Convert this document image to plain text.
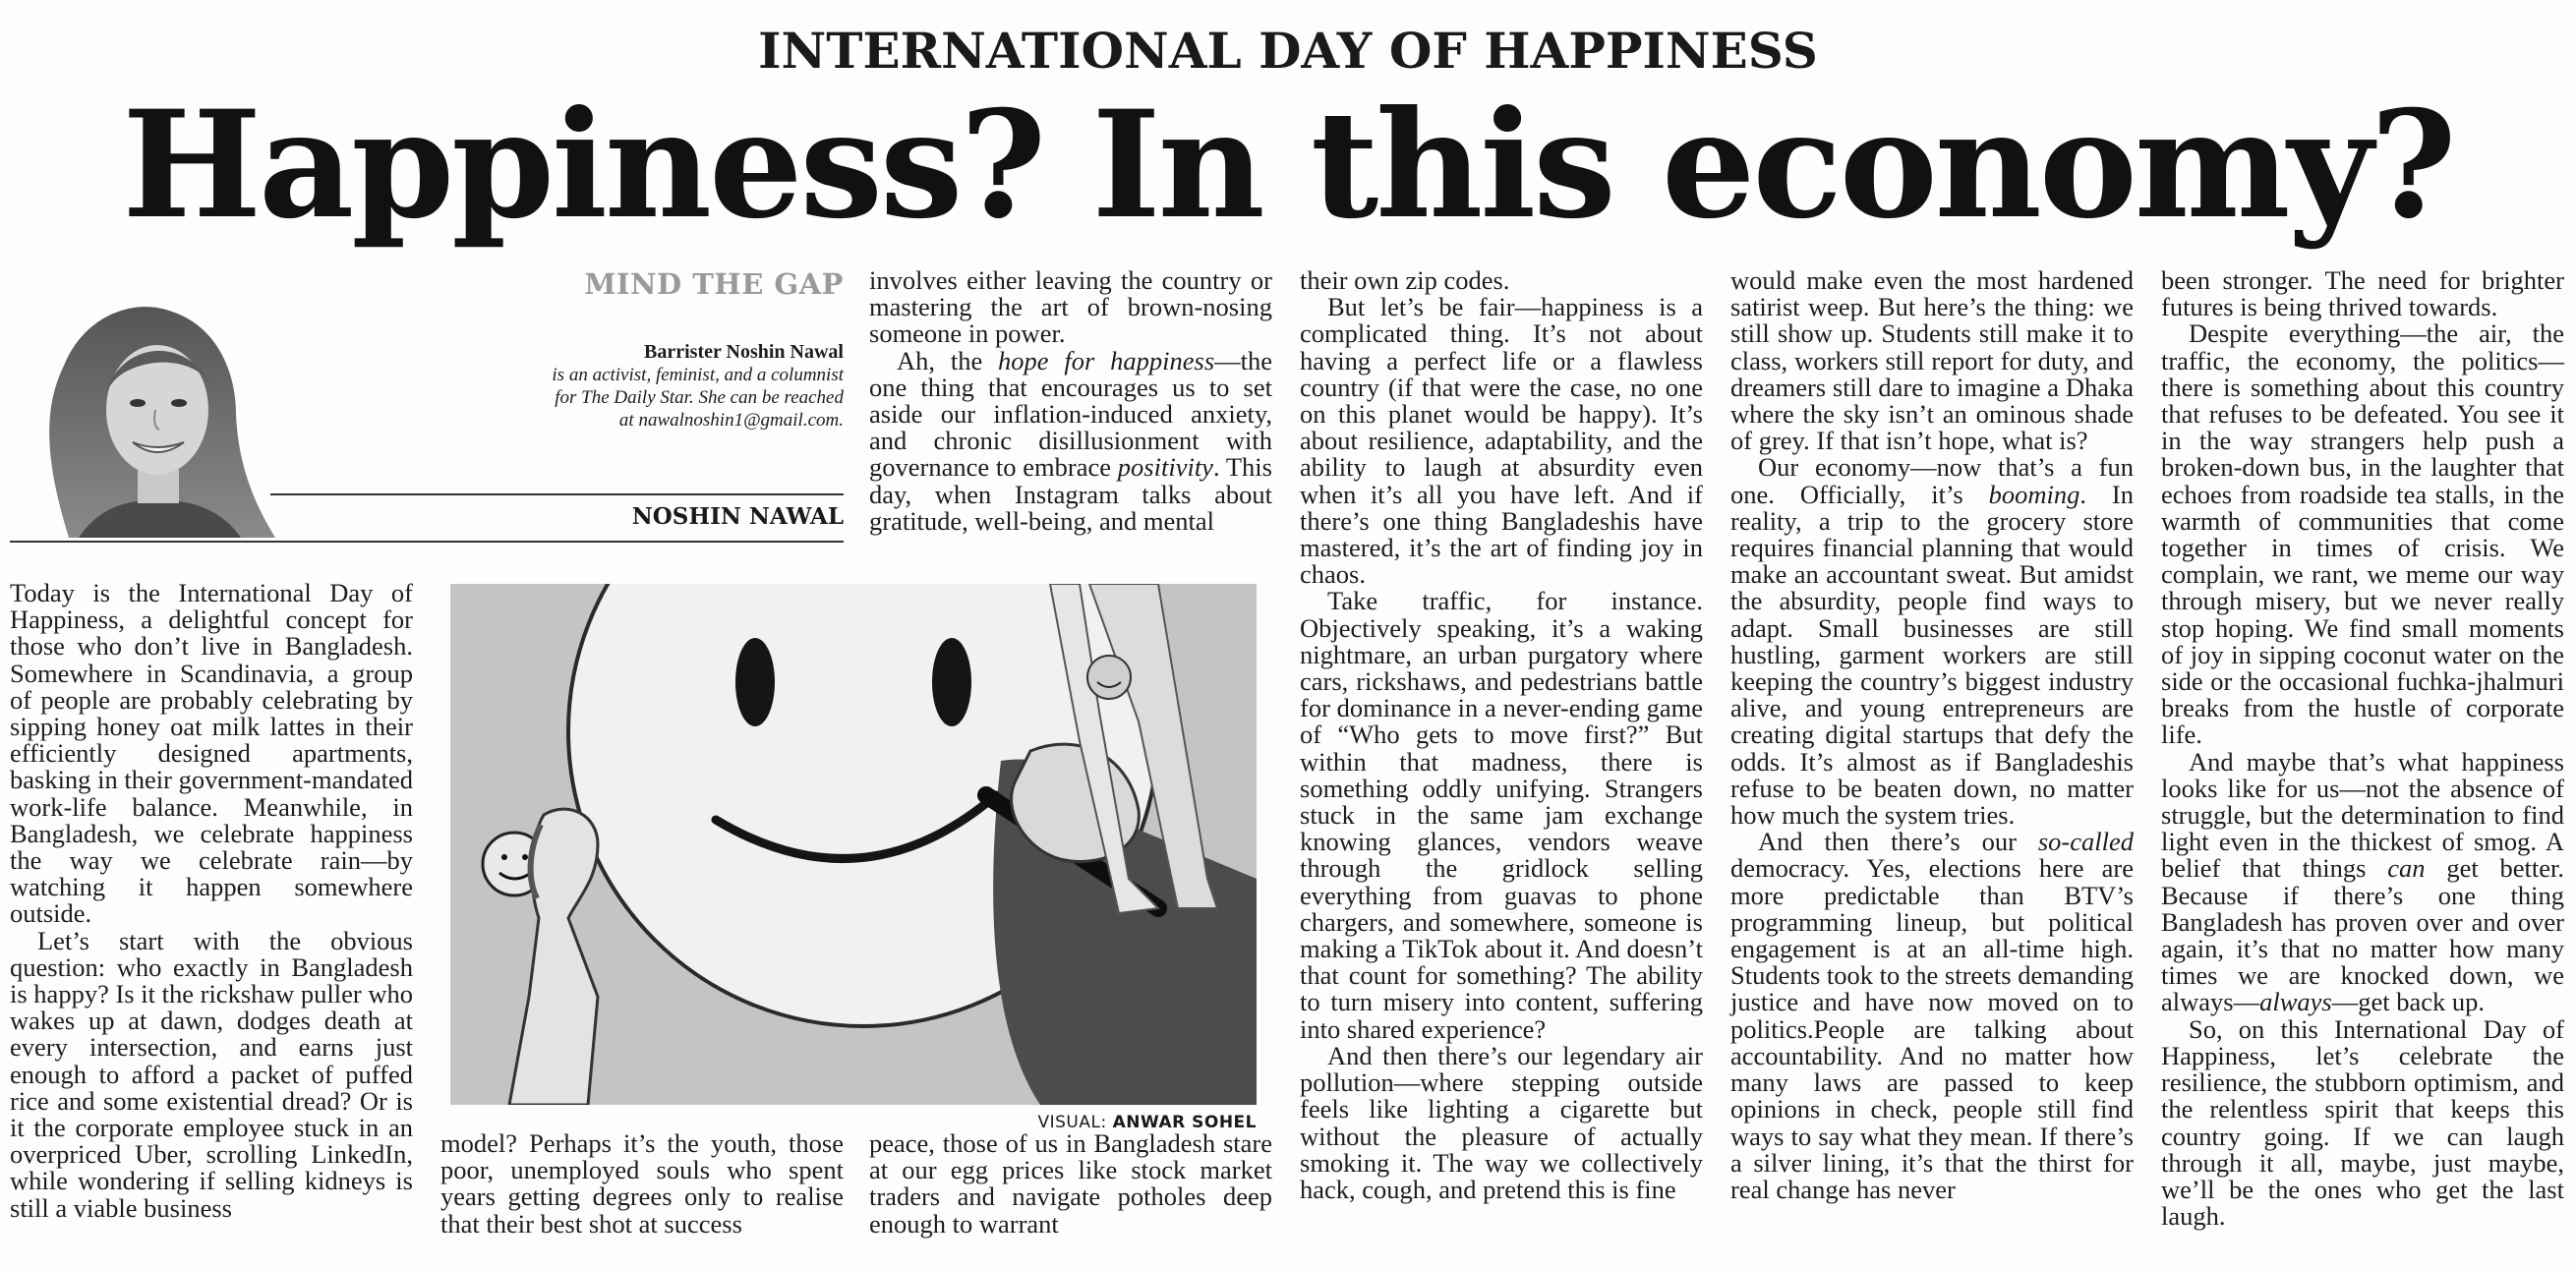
INTERNATIONAL DAY OF HAPPINESS
Happiness? In this economy?
MIND THE GAP
Barrister Noshin Nawal
is an activist, feminist, and a columnist
for The Daily Star. She can be reached
at nawalnoshin1@gmail.com.
NOSHIN NAWAL

Today is the International Day of Happiness, a delightful concept for those who don’t live in Bangladesh. Somewhere in Scandinavia, a group of people are probably celebrating by sipping honey oat milk lattes in their efficiently designed apartments, basking in their government-mandated work-life balance. Meanwhile, in Bangladesh, we celebrate happiness the way we celebrate rain—by watching it happen somewhere outside.

Let’s start with the obvious question: who exactly in Bangladesh is happy? Is it the rickshaw puller who wakes up at dawn, dodges death at every intersection, and earns just enough to afford a packet of puffed rice and some existential dread? Or is it the corporate employee stuck in an overpriced Uber, scrolling LinkedIn, while wondering if selling kidneys is still a viable business

VISUAL: ANWAR SOHEL

model? Perhaps it’s the youth, those poor, unemployed souls who spent years getting degrees only to realise that their best shot at success

involves either leaving the country or mastering the art of brown-nosing someone in power.

Ah, the hope for happiness—the one thing that encourages us to set aside our inflation-induced anxiety, and chronic disillusionment with governance to embrace positivity. This day, when Instagram talks about gratitude, well-being, and mental

peace, those of us in Bangladesh stare at our egg prices like stock market traders and navigate potholes deep enough to warrant

their own zip codes.

But let’s be fair—happiness is a complicated thing. It’s not about having a perfect life or a flawless country (if that were the case, no one on this planet would be happy). It’s about resilience, adaptability, and the ability to laugh at absurdity even when it’s all you have left. And if there’s one thing Bangladeshis have mastered, it’s the art of finding joy in chaos.

Take traffic, for instance. Objectively speaking, it’s a waking nightmare, an urban purgatory where cars, rickshaws, and pedestrians battle for dominance in a never-ending game of “Who gets to move first?” But within that madness, there is something oddly unifying. Strangers stuck in the same jam exchange knowing glances, vendors weave through the gridlock selling everything from guavas to phone chargers, and somewhere, someone is making a TikTok about it. And doesn’t that count for something? The ability to turn misery into content, suffering into shared experience?

And then there’s our legendary air pollution—where stepping outside feels like lighting a cigarette but without the pleasure of actually smoking it. The way we collectively hack, cough, and pretend this is fine

would make even the most hardened satirist weep. But here’s the thing: we still show up. Students still make it to class, workers still report for duty, and dreamers still dare to imagine a Dhaka where the sky isn’t an ominous shade of grey. If that isn’t hope, what is?

Our economy—now that’s a fun one. Officially, it’s booming. In reality, a trip to the grocery store requires financial planning that would make an accountant sweat. But amidst the absurdity, people find ways to adapt. Small businesses are still hustling, garment workers are still keeping the country’s biggest industry alive, and young entrepreneurs are creating digital startups that defy the odds. It’s almost as if Bangladeshis refuse to be beaten down, no matter how much the system tries.

And then there’s our so-called democracy. Yes, elections here are more predictable than BTV’s programming lineup, but political engagement is at an all-time high. Students took to the streets demanding justice and have now moved on to politics.People are talking about accountability. And no matter how many laws are passed to keep opinions in check, people still find ways to say what they mean. If there’s a silver lining, it’s that the thirst for real change has never

been stronger. The need for brighter futures is being thrived towards.

Despite everything—the air, the traffic, the economy, the politics—there is something about this country that refuses to be defeated. You see it in the way strangers help push a broken-down bus, in the laughter that echoes from roadside tea stalls, in the warmth of communities that come together in times of crisis. We complain, we rant, we meme our way through misery, but we never really stop hoping. We find small moments of joy in sipping coconut water on the side or the occasional fuchka-jhalmuri breaks from the hustle of corporate life.

And maybe that’s what happiness looks like for us—not the absence of struggle, but the determination to find light even in the thickest of smog. A belief that things can get better. Because if there’s one thing Bangladesh has proven over and over again, it’s that no matter how many times we are knocked down, we always—always—get back up.

So, on this International Day of Happiness, let’s celebrate the resilience, the stubborn optimism, and the relentless spirit that keeps this country going. If we can laugh through it all, maybe, just maybe, we’ll be the ones who get the last laugh.
